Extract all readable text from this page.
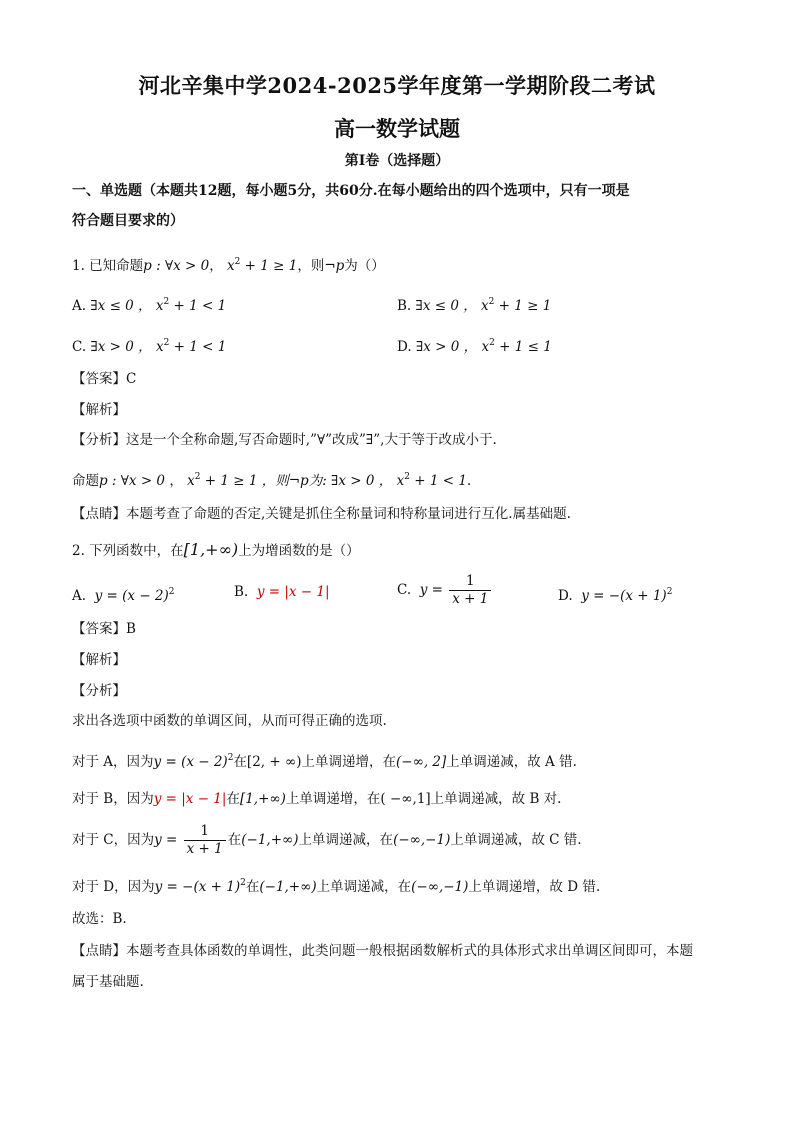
河北辛集中学2024-2025学年度第一学期阶段二考试
高一数学试题
第Ⅰ卷（选择题）
一、单选题（本题共12题，每小题5分，共60分.在每小题给出的四个选项中，只有一项是
符合题目要求的）
1. 已知命题p : ∀x > 0， $x^2 + 1 \ge 1$，则¬p为（）
A. ∃x ≤ 0 ， $x^2 + 1 < 1$	B. ∃x ≤ 0 ， $x^2 + 1 \ge 1$
C. ∃x > 0 ， $x^2 + 1 < 1$	D. ∃x > 0 ， $x^2 + 1 \le 1$
【答案】C
【解析】
【分析】这是一个全称命题,写否命题时,”∀”改成”∃”,大于等于改成小于.
命题p : ∀x > 0 ， $x^2 + 1 \ge 1$ ，则¬p为: ∃x > 0 ， $x^2 + 1 < 1$.
【点睛】本题考查了命题的否定,关键是抓住全称量词和特称量词进行互化.属基础题.
2. 下列函数中，在[1,+∞)上为增函数的是（）
A. $y = (x - 2)^2$	B. y = |x − 1|	C. $y = \frac{1}{x + 1}$	D. $y = -(x + 1)^2$
【答案】B
【解析】
【分析】
求出各选项中函数的单调区间，从而可得正确的选项.
对于 A，因为$y = (x - 2)^2$在[2, + ∞)上单调递增，在(−∞, 2]上单调递减，故 A 错.
对于 B，因为y = |x − 1|在[1,+∞)上单调递增，在( −∞,1]上单调递减，故 B 对.
对于 C，因为$y = \frac{1}{x + 1}$ 在(−1,+∞)上单调递减，在(−∞,−1)上单调递减，故 C 错.
对于 D，因为$y = -(x + 1)^2$在(−1,+∞)上单调递减，在(−∞,−1)上单调递增，故 D 错.
故选：B.
【点睛】本题考查具体函数的单调性，此类问题一般根据函数解析式的具体形式求出单调区间即可，本题
属于基础题.
